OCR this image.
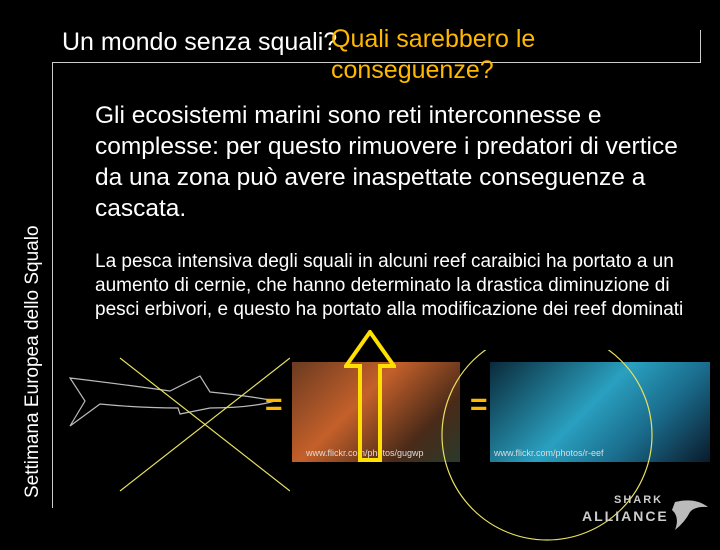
Settimana Europea dello Squalo
Un mondo senza squali?
Quali sarebbero le conseguenze?
Gli ecosistemi marini sono reti interconnesse e complesse: per questo rimuovere i predatori di vertice da una zona può avere inaspettate conseguenze a cascata.
La pesca intensiva degli squali in alcuni reef caraibici ha portato a un aumento di cernie, che hanno determinato la drastica diminuzione di pesci erbivori, e questo ha portato alla modificazione dei reef dominati
=
www.flickr.com/photos/gugwp
=
www.flickr.com/photos/r-eef
SHARK
ALLIANCE
